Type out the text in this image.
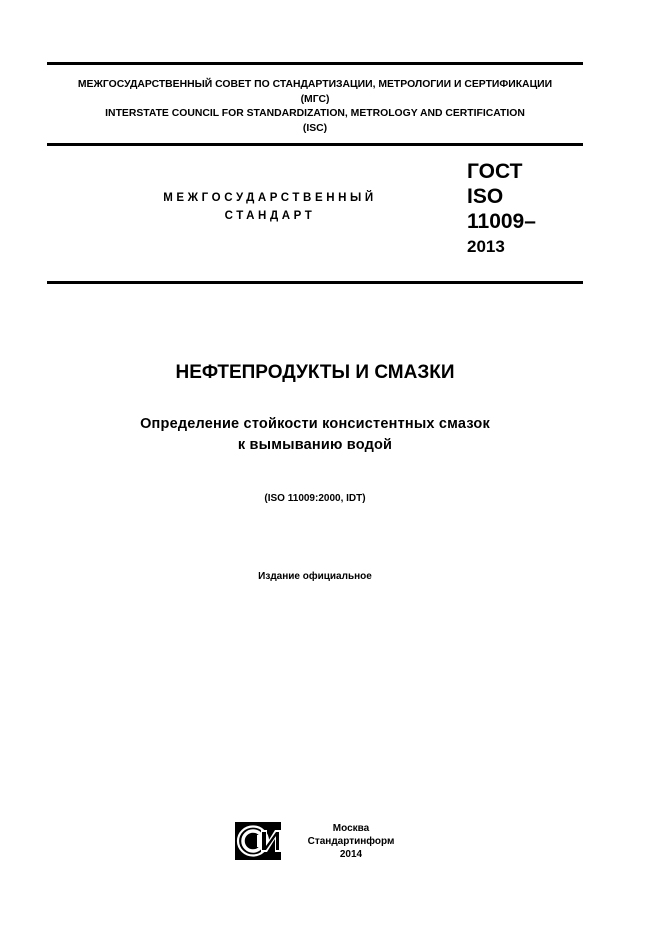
МЕЖГОСУДАРСТВЕННЫЙ СОВЕТ ПО СТАНДАРТИЗАЦИИ, МЕТРОЛОГИИ И СЕРТИФИКАЦИИ
(МГС)
INTERSTATE COUNCIL FOR STANDARDIZATION, METROLOGY AND CERTIFICATION
(ISC)
МЕЖГОСУДАРСТВЕННЫЙ
СТАНДАРТ
ГОСТ
ISO
11009–
2013
НЕФТЕПРОДУКТЫ И СМАЗКИ
Определение стойкости консистентных смазок
к вымыванию водой
(ISO 11009:2000, IDT)
Издание официальное
Москва
Стандартинформ
2014
